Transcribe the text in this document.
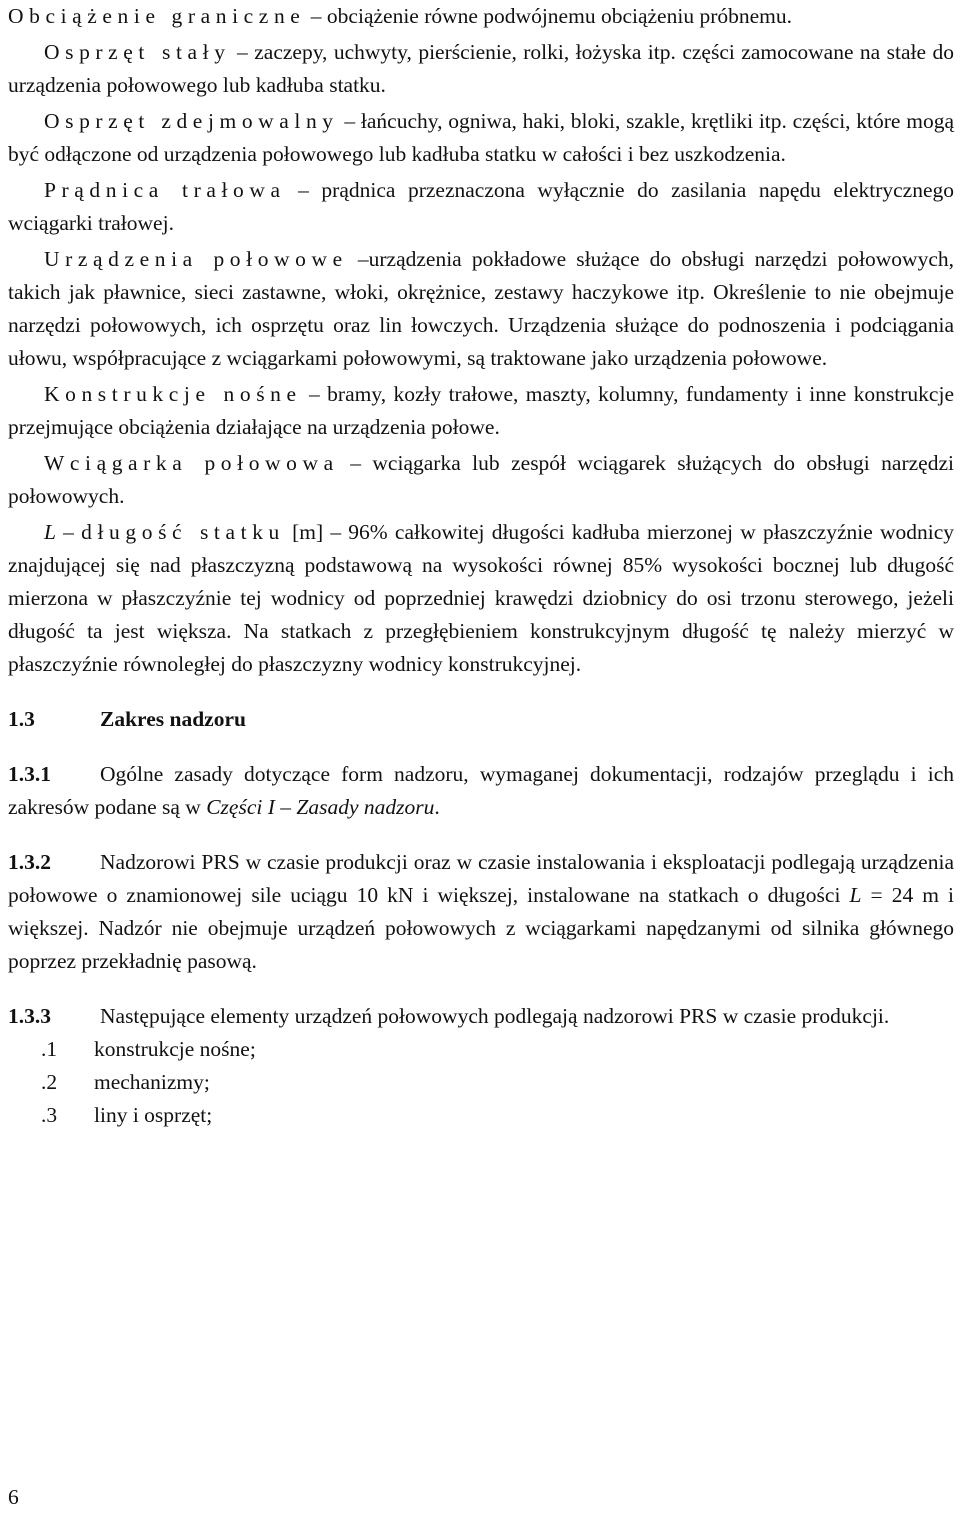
Obciążenie graniczne – obciążenie równe podwójnemu obciążeniu próbnemu.

Osprzęt stały – zaczepy, uchwyty, pierścienie, rolki, łożyska itp. części zamocowane na stałe do urządzenia połowowego lub kadłuba statku.

Osprzęt zdejmowalny – łańcuchy, ogniwa, haki, bloki, szakle, krętliki itp. części, które mogą być odłączone od urządzenia połowowego lub kadłuba statku w całości i bez uszkodzenia.

Prądnica trałowa – prądnica przeznaczona wyłącznie do zasilania napędu elektrycznego wciągarki trałowej.

Urządzenia połowowe –urządzenia pokładowe służące do obsługi narzędzi połowowych, takich jak pławnice, sieci zastawne, włoki, okrężnice, zestawy haczykowe itp. Określenie to nie obejmuje narzędzi połowowych, ich osprzętu oraz lin łowczych. Urządzenia służące do podnoszenia i podciągania ułowu, współpracujące z wciągarkami połowowymi, są traktowane jako urządzenia połowowe.

Konstrukcje nośne – bramy, kozły trałowe, maszty, kolumny, fundamenty i inne konstrukcje przejmujące obciążenia działające na urządzenia połowe.

Wciągarka połowowa – wciągarka lub zespół wciągarek służących do obsługi narzędzi połowowych.

L – długość statku [m] – 96% całkowitej długości kadłuba mierzonej w płaszczyźnie wodnicy znajdującej się nad płaszczyzną podstawową na wysokości równej 85% wysokości bocznej lub długość mierzona w płaszczyźnie tej wodnicy od poprzedniej krawędzi dziobnicy do osi trzonu sterowego, jeżeli długość ta jest większa. Na statkach z przegłębieniem konstrukcyjnym długość tę należy mierzyć w płaszczyźnie równoległej do płaszczyzny wodnicy konstrukcyjnej.

1.3	Zakres nadzoru

1.3.1 Ogólne zasady dotyczące form nadzoru, wymaganej dokumentacji, rodzajów przeglądu i ich zakresów podane są w Części I – Zasady nadzoru.

1.3.2 Nadzorowi PRS w czasie produkcji oraz w czasie instalowania i eksploatacji podlegają urządzenia połowowe o znamionowej sile uciągu 10 kN i większej, instalowane na statkach o długości L = 24 m i większej. Nadzór nie obejmuje urządzeń połowowych z wciągarkami napędzanymi od silnika głównego poprzez przekładnię pasową.

1.3.3 Następujące elementy urządzeń połowowych podlegają nadzorowi PRS w czasie produkcji.

.1	konstrukcje nośne;
.2	mechanizmy;
.3	liny i osprzęt;
6
